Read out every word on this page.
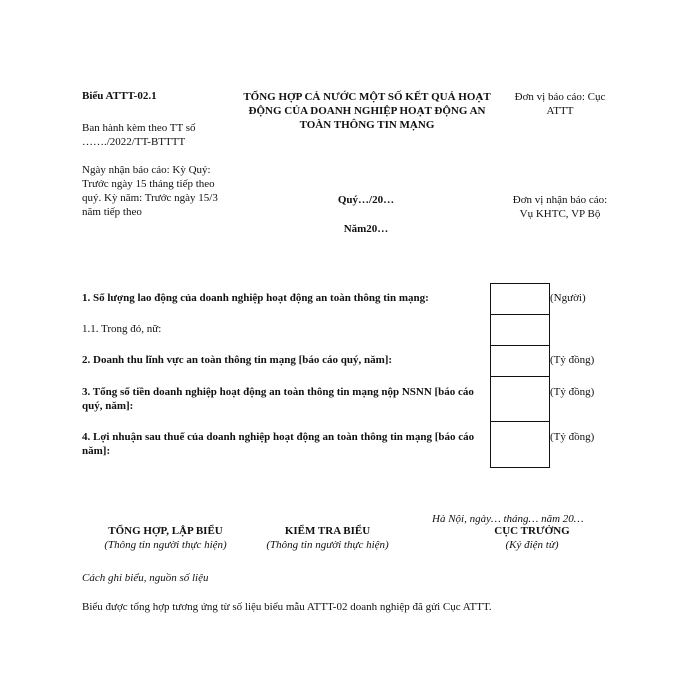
Biểu ATTT-02.1
Ban hành kèm theo TT số
……./2022/TT-BTTTT
Ngày nhận báo cáo: Kỳ Quý:
Trước ngày 15 tháng tiếp theo
quý. Kỳ năm: Trước ngày 15/3
năm tiếp theo
TỔNG HỢP CẢ NƯỚC MỘT SỐ KẾT QUẢ HOẠT
ĐỘNG CỦA DOANH NGHIỆP HOẠT ĐỘNG AN
TOÀN THÔNG TIN MẠNG
Quý…/20…
Năm20…
Đơn vị báo cáo: Cục
ATTT
Đơn vị nhận báo cáo:
Vụ KHTC, VP Bộ
1. Số lượng lao động của doanh nghiệp hoạt động an toàn thông tin mạng:
1.1. Trong đó, nữ:
2. Doanh thu lĩnh vực an toàn thông tin mạng [báo cáo quý, năm]:
3. Tổng số tiền doanh nghiệp hoạt động an toàn thông tin mạng nộp NSNN [báo cáo
quý, năm]:
4. Lợi nhuận sau thuế của doanh nghiệp hoạt động an toàn thông tin mạng [báo cáo
năm]:
(Người)
(Tỷ đồng)
(Tỷ đồng)
(Tỷ đồng)
Hà Nội, ngày… tháng… năm 20…
TỔNG HỢP, LẬP BIỂU
(Thông tin người thực hiện)
KIỂM TRA BIỂU
(Thông tin người thực hiện)
CỤC TRƯỞNG
(Ký điện tử)
Cách ghi biểu, nguồn số liệu
Biểu được tổng hợp tương ứng từ số liệu biểu mẫu ATTT-02 doanh nghiệp đã gửi Cục ATTT.
